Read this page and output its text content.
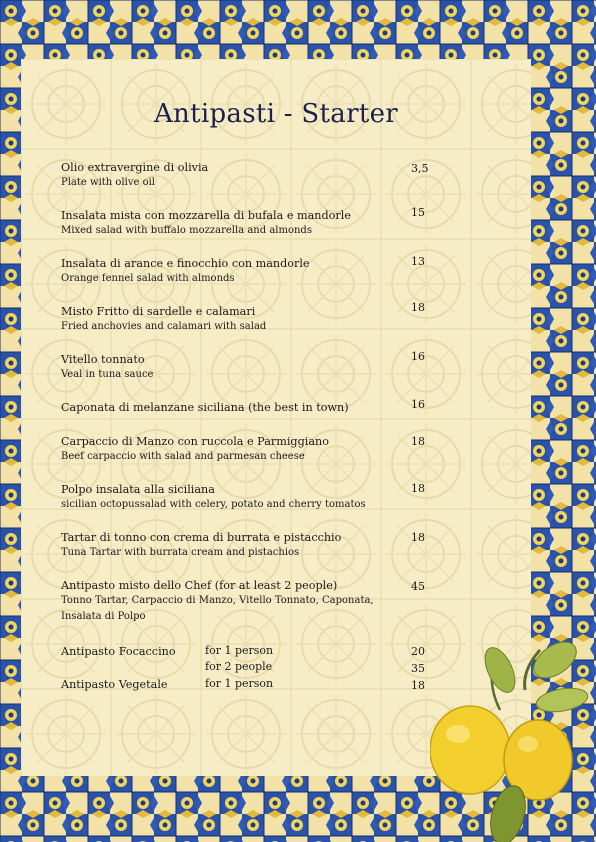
Antipasti - Starter
Olio extravergine di olivia
Plate with olive oil
3,5
Insalata mista con mozzarella di bufala e mandorle
Mixed salad with buffalo mozzarella and almonds
15
Insalata di arance e finocchio con mandorle
Orange fennel salad with almonds
13
Misto Fritto di sardelle e calamari
Fried anchovies and calamari with salad
18
Vitello tonnato
Veal in tuna sauce
16
Caponata di melanzane siciliana (the best in town)	16
Carpaccio di Manzo con ruccola e Parmiggiano
Beef carpaccio with salad and parmesan cheese
18
Polpo insalata alla siciliana
sicilian octopussalad with celery, potato and cherry tomatos
18
Tartar di tonno con crema di burrata e pistacchio
Tuna Tartar with burrata cream and pistachios
18
Antipasto misto dello Chef (for at least 2 people)
Tonno Tartar, Carpaccio di Manzo, Vitello Tonnato, Caponata,
Insalata di Polpo
45
Antipasto Focaccino	for 1 person	20
for 2 people	35
Antipasto Vegetale	for 1 person	18
